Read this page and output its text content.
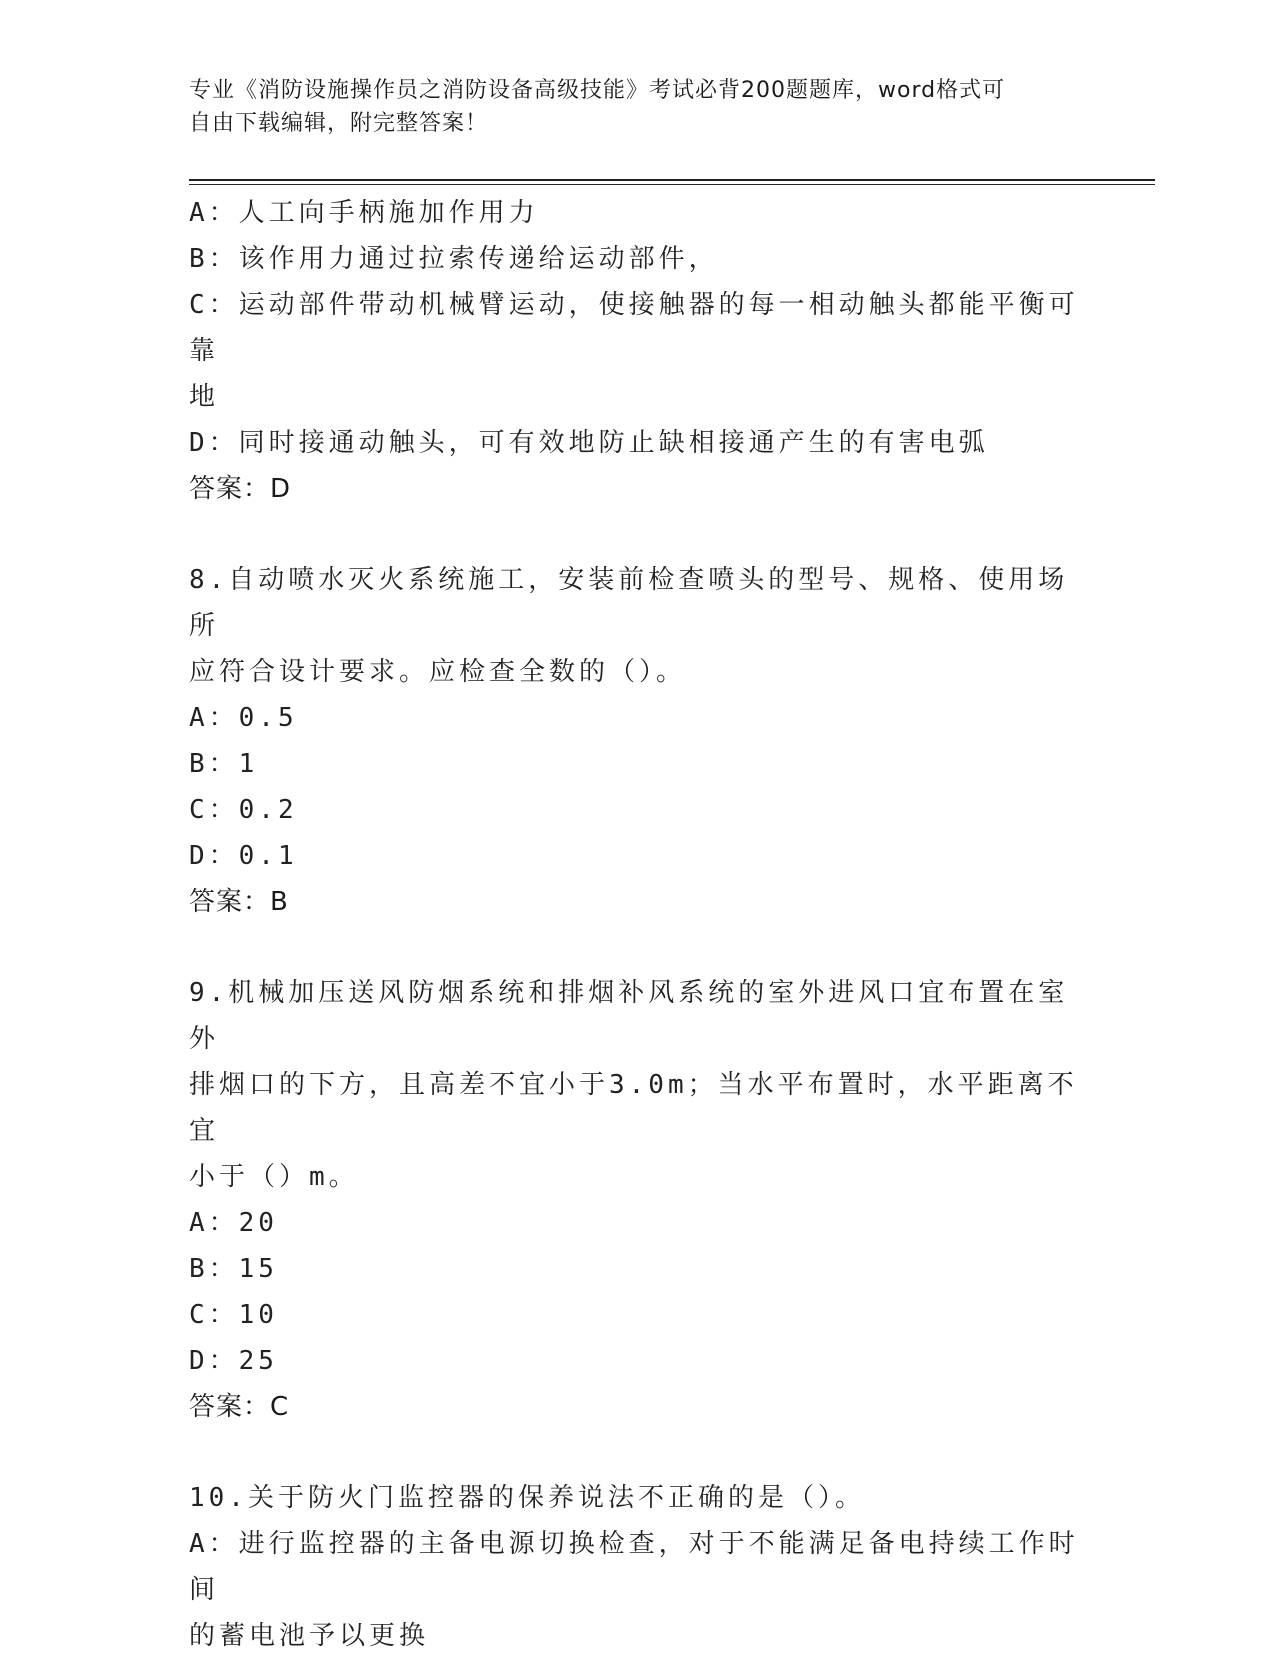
专业《消防设施操作员之消防设备高级技能》考试必背200题题库，word格式可
自由下载编辑，附完整答案！
A：人工向手柄施加作用力
B：该作用力通过拉索传递给运动部件，
C：运动部件带动机械臂运动，使接触器的每一相动触头都能平衡可靠
地
D：同时接通动触头，可有效地防止缺相接通产生的有害电弧
答案：D
8.自动喷水灭火系统施工，安装前检查喷头的型号、规格、使用场所
应符合设计要求。应检查全数的（）。
A：0.5
B：1
C：0.2
D：0.1
答案：B
9.机械加压送风防烟系统和排烟补风系统的室外进风口宜布置在室外
排烟口的下方，且高差不宜小于3.0m；当水平布置时，水平距离不宜
小于（）m。
A：20
B：15
C：10
D：25
答案：C
10.关于防火门监控器的保养说法不正确的是（）。
A：进行监控器的主备电源切换检查，对于不能满足备电持续工作时间
的蓄电池予以更换
